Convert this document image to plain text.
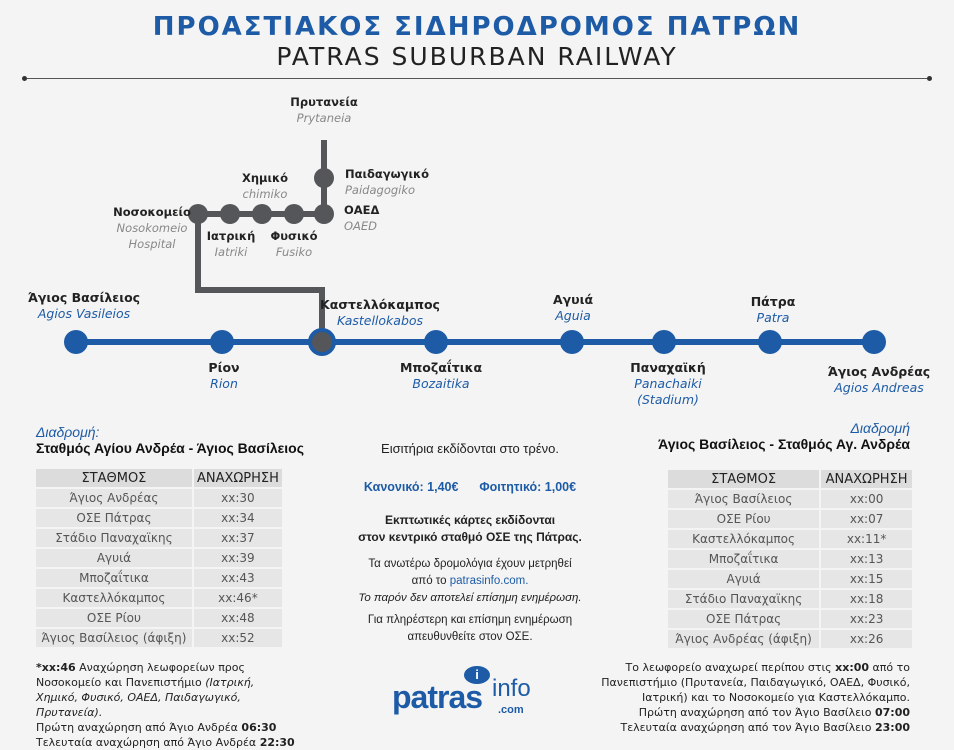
ΠΡΟΑΣΤΙΑΚΟΣ ΣΙΔΗΡΟΔΡΟΜΟΣ ΠΑΤΡΩΝ
PATRAS SUBURBAN RAILWAY
Πρυτανεία
Prytaneia
Παιδαγωγικό
Paidagogiko
Χημικό
chimiko
Νοσοκομείο
Nosokomeio
Hospital
ΟΑΕΔ
OAED
Ιατρική
Iatriki
Φυσικό
Fusiko
Άγιος Βασίλειος
Agios Vasileios
Ρίον
Rion
Καστελλόκαμπος
Kastellokabos
Μποζαΐτικα
Bozaitika
Αγυιά
Aguia
Παναχαϊκή
Panachaiki
(Stadium)
Πάτρα
Patra
Άγιος Ανδρέας
Agios Andreas
Διαδρομή:
Σταθμός Αγίου Ανδρέα - Άγιος Βασίλειος
ΣΤΑΘΜΟΣ	ΑΝΑΧΩΡΗΣΗ
Άγιος Ανδρέας	xx:30
ΟΣΕ Πάτρας	xx:34
Στάδιο Παναχαϊκης	xx:37
Αγυιά	xx:39
Μποζαΐτικα	xx:43
Καστελλόκαμπος	xx:46*
ΟΣΕ Ρίου	xx:48
Άγιος Βασίλειος (άφιξη)	xx:52
*xx:46 Αναχώρηση λεωφορείων προς Νοσοκομείο και Πανεπιστήμιο (Ιατρική, Χημικό, Φυσικό, ΟΑΕΔ, Παιδαγωγικό, Πρυτανεία).
Πρώτη αναχώρηση από Άγιο Ανδρέα 06:30
Τελευταία αναχώρηση από Άγιο Ανδρέα 22:30
Διαδρομή
Άγιος Βασίλειος - Σταθμός Αγ. Ανδρέα
ΣΤΑΘΜΟΣ	ΑΝΑΧΩΡΗΣΗ
Άγιος Βασίλειος	xx:00
ΟΣΕ Ρίου	xx:07
Καστελλόκαμπος	xx:11*
Μποζαΐτικα	xx:13
Αγυιά	xx:15
Στάδιο Παναχαϊκης	xx:18
ΟΣΕ Πάτρας	xx:23
Άγιος Ανδρέας (άφιξη)	xx:26
Το λεωφορείο αναχωρεί περίπου στις xx:00 από το Πανεπιστήμιο (Πρυτανεία, Παιδαγωγικό, ΟΑΕΔ, Φυσικό, Ιατρική) και το Νοσοκομείο για Καστελλόκαμπο.
Πρώτη αναχώρηση από τον Άγιο Βασίλειο 07:00
Τελευταία αναχώρηση από τον Άγιο Βασίλειο 23:00
Εισιτήρια εκδίδονται στο τρένο.
Κανονικό: 1,40€ Φοιτητικό: 1,00€
Εκπτωτικές κάρτες εκδίδονται
στον κεντρικό σταθμό ΟΣΕ της Πάτρας.
Τα ανωτέρω δρομολόγια έχουν μετρηθεί
από το patrasinfo.com.
Το παρόν δεν αποτελεί επίσημη ενημέρωση.
Για πληρέστερη και επίσημη ενημέρωση
απευθυνθείτε στον ΟΣΕ.
i
patras info
.com
